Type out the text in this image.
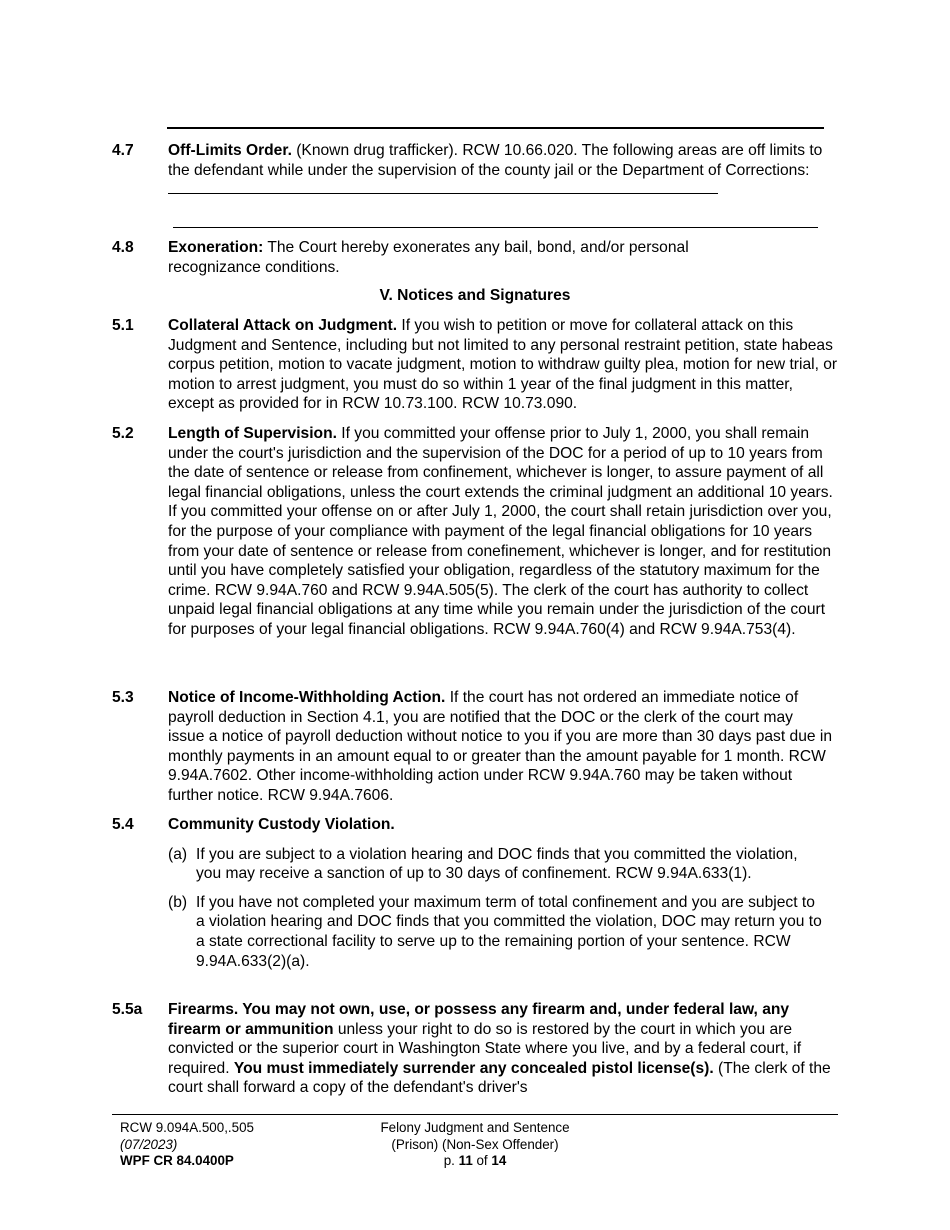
4.7 Off-Limits Order. (Known drug trafficker). RCW 10.66.020. The following areas are off limits to the defendant while under the supervision of the county jail or the Department of Corrections:
4.8 Exoneration: The Court hereby exonerates any bail, bond, and/or personal recognizance conditions.
V. Notices and Signatures
5.1 Collateral Attack on Judgment. If you wish to petition or move for collateral attack on this Judgment and Sentence, including but not limited to any personal restraint petition, state habeas corpus petition, motion to vacate judgment, motion to withdraw guilty plea, motion for new trial, or motion to arrest judgment, you must do so within 1 year of the final judgment in this matter, except as provided for in RCW 10.73.100. RCW 10.73.090.
5.2 Length of Supervision. If you committed your offense prior to July 1, 2000, you shall remain under the court's jurisdiction and the supervision of the DOC for a period of up to 10 years from the date of sentence or release from confinement, whichever is longer, to assure payment of all legal financial obligations, unless the court extends the criminal judgment an additional 10 years. If you committed your offense on or after July 1, 2000, the court shall retain jurisdiction over you, for the purpose of your compliance with payment of the legal financial obligations for 10 years from your date of sentence or release from conefinement, whichever is longer, and for restitution until you have completely satisfied your obligation, regardless of the statutory maximum for the crime. RCW 9.94A.760 and RCW 9.94A.505(5). The clerk of the court has authority to collect unpaid legal financial obligations at any time while you remain under the jurisdiction of the court for purposes of your legal financial obligations. RCW 9.94A.760(4) and RCW 9.94A.753(4).
5.3 Notice of Income-Withholding Action. If the court has not ordered an immediate notice of payroll deduction in Section 4.1, you are notified that the DOC or the clerk of the court may issue a notice of payroll deduction without notice to you if you are more than 30 days past due in monthly payments in an amount equal to or greater than the amount payable for 1 month. RCW 9.94A.7602. Other income-withholding action under RCW 9.94A.760 may be taken without further notice. RCW 9.94A.7606.
5.4 Community Custody Violation.
(a) If you are subject to a violation hearing and DOC finds that you committed the violation, you may receive a sanction of up to 30 days of confinement. RCW 9.94A.633(1).
(b) If you have not completed your maximum term of total confinement and you are subject to a violation hearing and DOC finds that you committed the violation, DOC may return you to a state correctional facility to serve up to the remaining portion of your sentence. RCW 9.94A.633(2)(a).
5.5a Firearms. You may not own, use, or possess any firearm and, under federal law, any firearm or ammunition unless your right to do so is restored by the court in which you are convicted or the superior court in Washington State where you live, and by a federal court, if required. You must immediately surrender any concealed pistol license(s). (The clerk of the court shall forward a copy of the defendant's driver's
RCW 9.094A.500,.505
(07/2023)
WPF CR 84.0400P
Felony Judgment and Sentence
(Prison) (Non-Sex Offender)
p. 11 of 14
